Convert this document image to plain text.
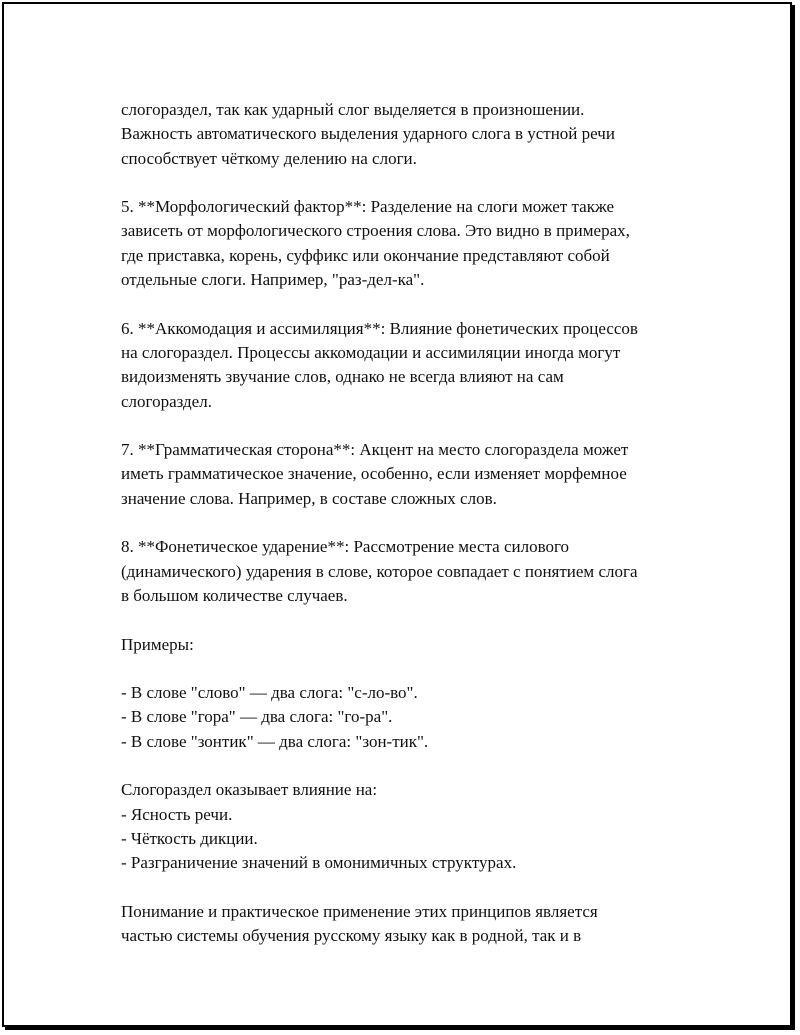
слогораздел, так как ударный слог выделяется в произношении.
Важность автоматического выделения ударного слога в устной речи
способствует чёткому делению на слоги.
5. **Морфологический фактор**: Разделение на слоги может также
зависеть от морфологического строения слова. Это видно в примерах,
где приставка, корень, суффикс или окончание представляют собой
отдельные слоги. Например, "раз-дел-ка".
6. **Аккомодация и ассимиляция**: Влияние фонетических процессов
на слогораздел. Процессы аккомодации и ассимиляции иногда могут
видоизменять звучание слов, однако не всегда влияют на сам
слогораздел.
7. **Грамматическая сторона**: Акцент на место слогораздела может
иметь грамматическое значение, особенно, если изменяет морфемное
значение слова. Например, в составе сложных слов.
8. **Фонетическое ударение**: Рассмотрение места силового
(динамического) ударения в слове, которое совпадает с понятием слога
в большом количестве случаев.
Примеры:
- В слове "слово" — два слога: "с-ло-во".
- В слове "гора" — два слога: "го-ра".
- В слове "зонтик" — два слога: "зон-тик".
Слогораздел оказывает влияние на:
- Ясность речи.
- Чёткость дикции.
- Разграничение значений в омонимичных структурах.
Понимание и практическое применение этих принципов является
частью системы обучения русскому языку как в родной, так и в
